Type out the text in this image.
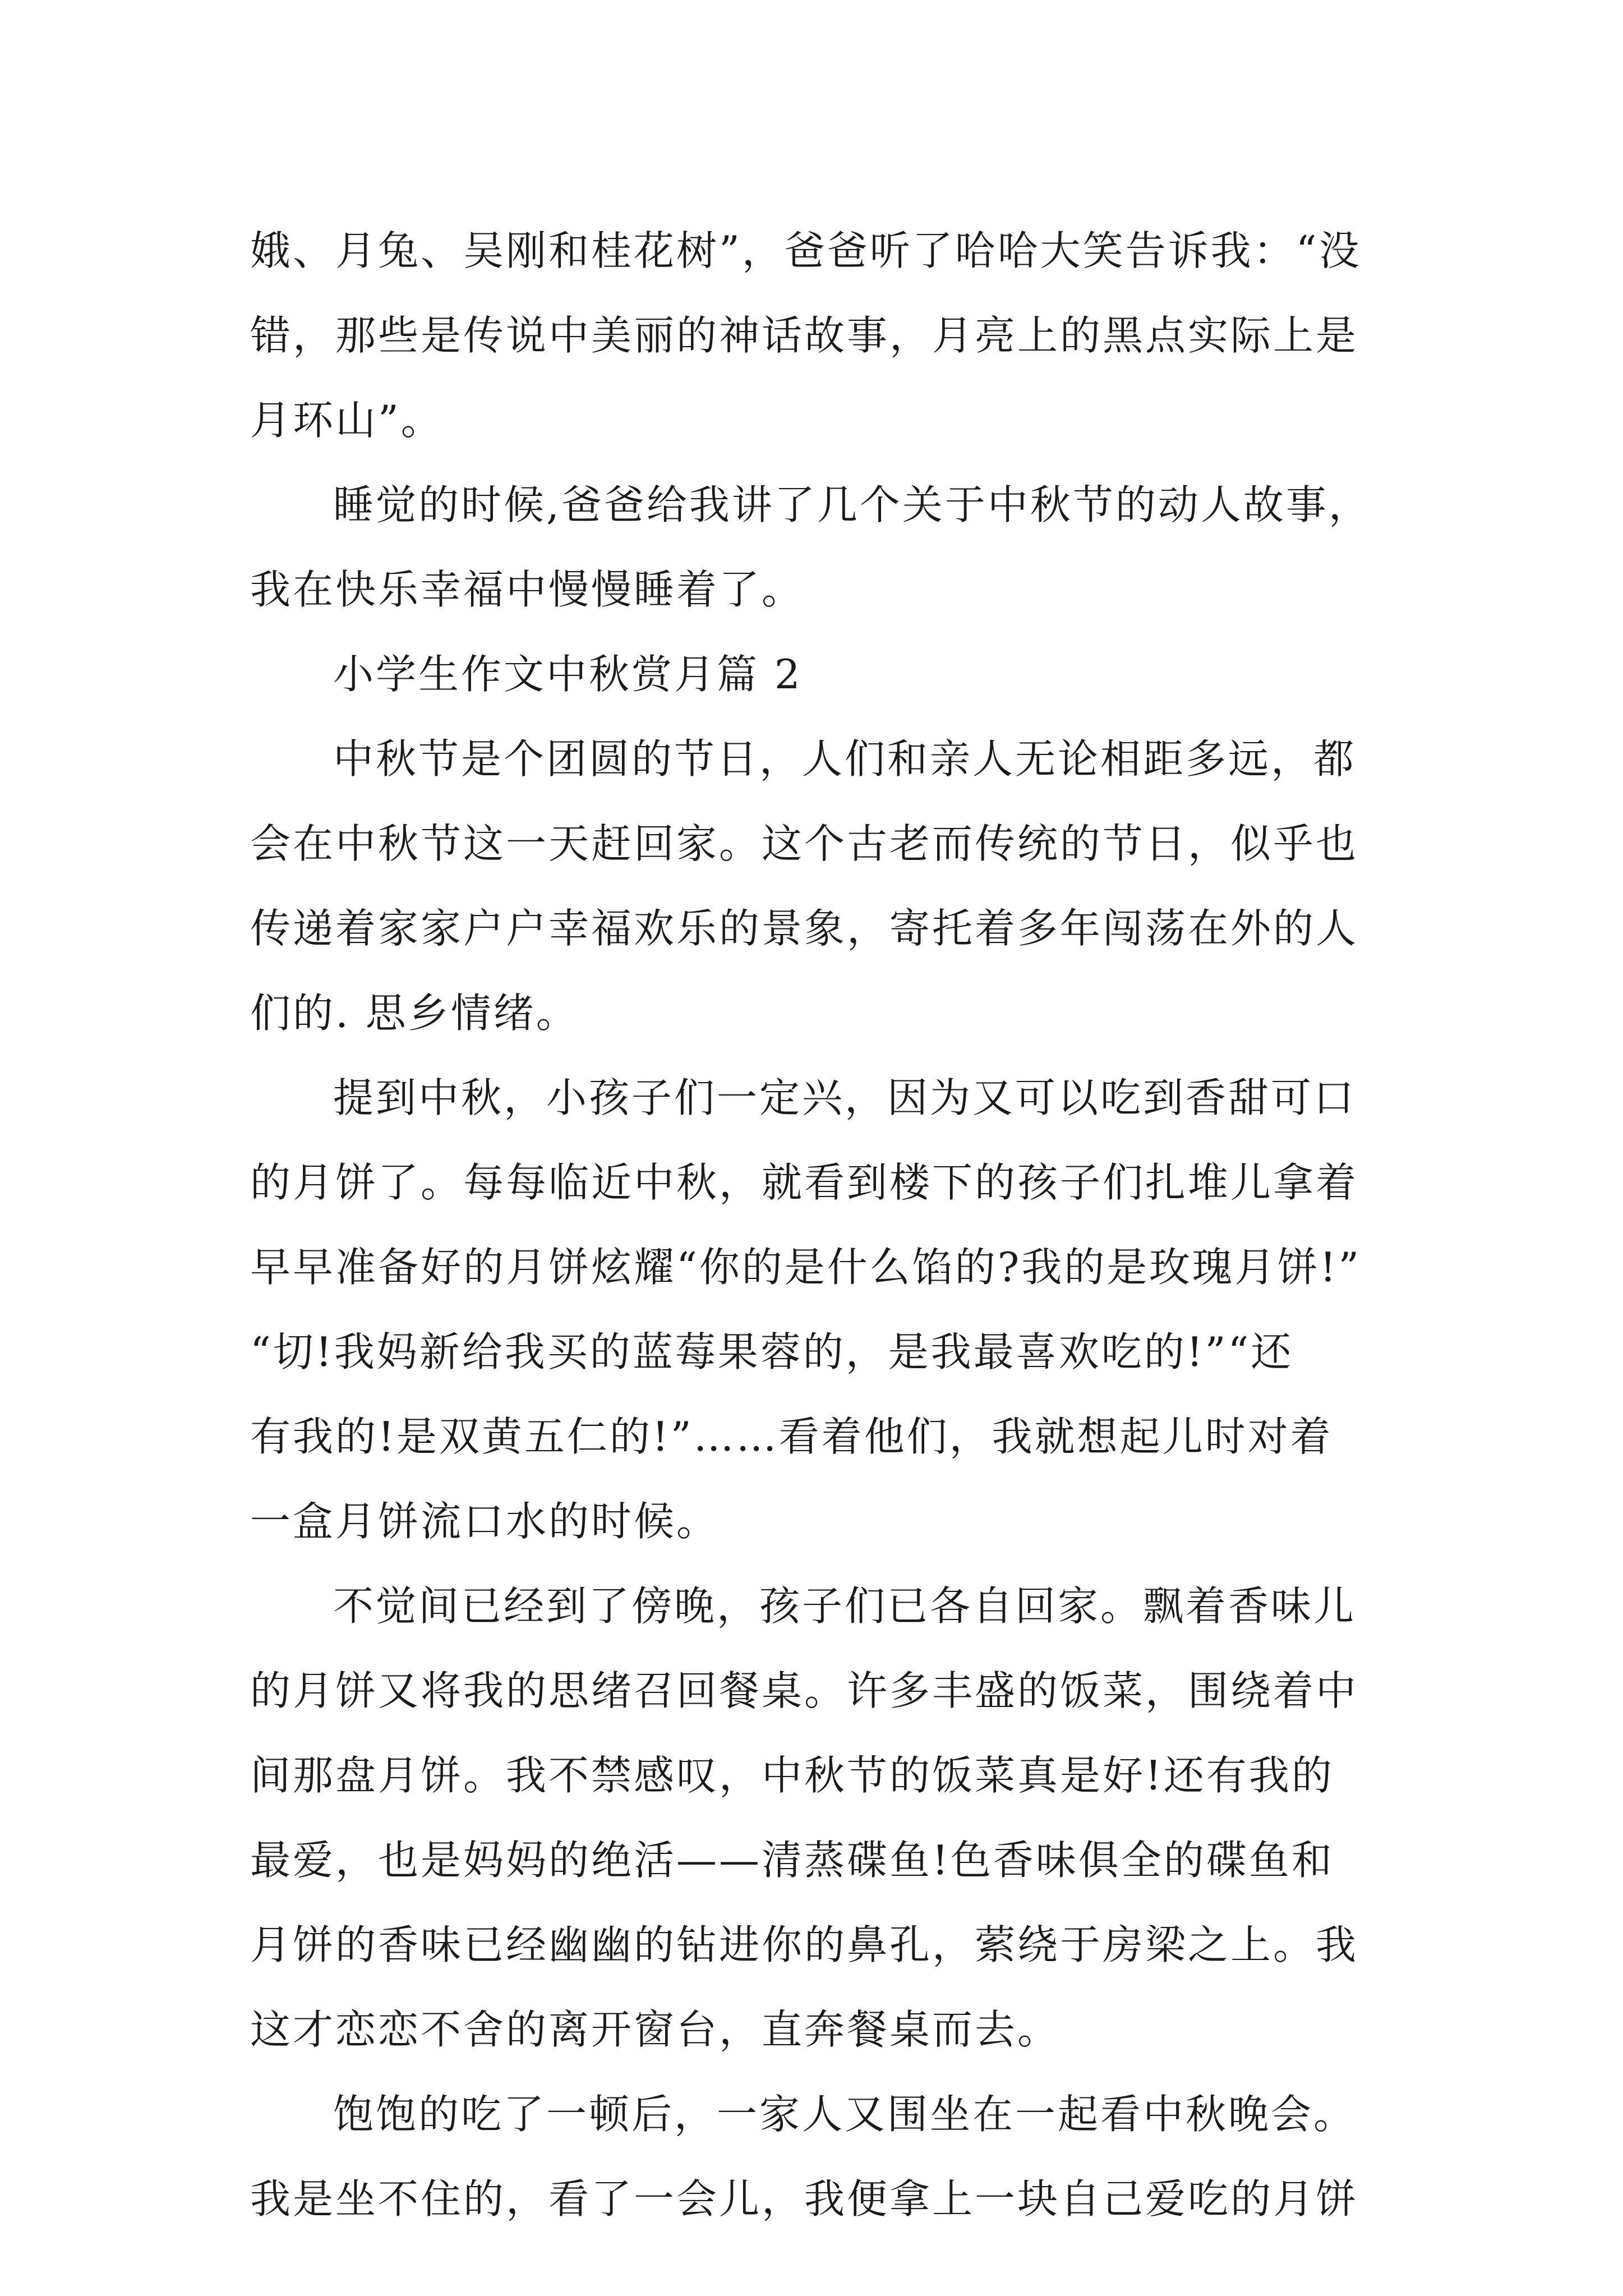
娥、月兔、吴刚和桂花树”，爸爸听了哈哈大笑告诉我：“没
错，那些是传说中美丽的神话故事，月亮上的黑点实际上是
月环山”。
睡觉的时候,爸爸给我讲了几个关于中秋节的动人故事，
我在快乐幸福中慢慢睡着了。
小学生作文中秋赏月篇 2
中秋节是个团圆的节日，人们和亲人无论相距多远，都
会在中秋节这一天赶回家。这个古老而传统的节日，似乎也
传递着家家户户幸福欢乐的景象，寄托着多年闯荡在外的人
们的. 思乡情绪。
提到中秋，小孩子们一定兴，因为又可以吃到香甜可口
的月饼了。每每临近中秋，就看到楼下的孩子们扎堆儿拿着
早早准备好的月饼炫耀“你的是什么馅的?我的是玫瑰月饼!”
“切!我妈新给我买的蓝莓果蓉的，是我最喜欢吃的!”“还
有我的!是双黄五仁的!”……看着他们，我就想起儿时对着
一盒月饼流口水的时候。
不觉间已经到了傍晚，孩子们已各自回家。飘着香味儿
的月饼又将我的思绪召回餐桌。许多丰盛的饭菜，围绕着中
间那盘月饼。我不禁感叹，中秋节的饭菜真是好!还有我的
最爱，也是妈妈的绝活——清蒸碟鱼!色香味俱全的碟鱼和
月饼的香味已经幽幽的钻进你的鼻孔，萦绕于房梁之上。我
这才恋恋不舍的离开窗台，直奔餐桌而去。
饱饱的吃了一顿后，一家人又围坐在一起看中秋晚会。
我是坐不住的，看了一会儿，我便拿上一块自己爱吃的月饼
